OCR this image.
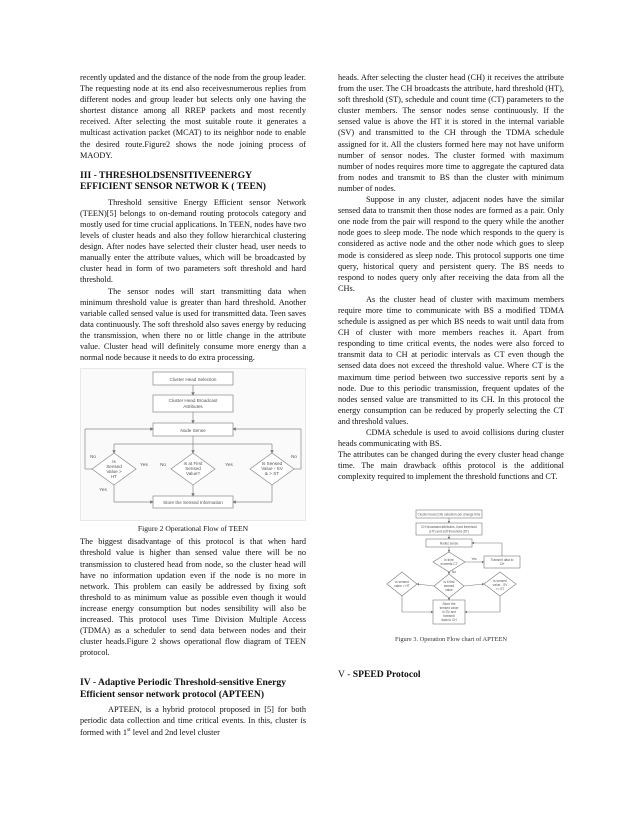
recently updated and the distance of the node from the group leader. The requesting node at its end also receivesnumerous replies from different nodes and group leader but selects only one having the shortest distance among all RREP packets and most recently received. After selecting the most suitable route it generates a multicast activation packet (MCAT) to its neighbor node to enable the desired route.Figure2 shows the node joining process of MAODY.

III - THRESHOLDSENSITIVEENERGY EFFICIENT SENSOR NETWOR K ( TEEN)

Threshold sensitive Energy Efficient sensor Network (TEEN)[5] belongs to on-demand routing protocols category and mostly used for time crucial applications. In TEEN, nodes have two levels of cluster heads and also they follow hierarchical clustering design. After nodes have selected their cluster head, user needs to manually enter the attribute values, which will be broadcasted by cluster head in form of two parameters soft threshold and hard threshold.

The sensor nodes will start transmitting data when minimum threshold value is greater than hard threshold. Another variable called sensed value is used for transmitted data. Teen saves data continuously. The soft threshold also saves energy by reducing the transmission, when there no or little change in the attribute value. Cluster head will definitely consume more energy than a normal node because it needs to do extra processing.

Cluster Head Selection
Cluster Head Broadcast
Attributes
Node Sense
Is
Sensed
Value >
HT
Is at First
Sensed
Value?
Is Sensed
Value - SV
& > ST
Store the Sensed Information
No
Yes	No	Yes
No
Yes
Figure 2 Operational Flow of TEEN

The biggest disadvantage of this protocol is that when hard threshold value is higher than sensed value there will be no transmission to clustered head from node, so the cluster head will have no information updation even if the node is no more in network. This problem can easily be addressed by fixing soft threshold to as minimum value as possible even though it would increase energy consumption but nodes sensibility will also be increased. This protocol uses Time Division Multiple Access (TDMA) as a scheduler to send data between nodes and their cluster heads.Figure 2 shows operational flow diagram of TEEN protocol.

IV - Adaptive Periodic Threshold-sensitive Energy Efficient sensor network protocol (APTEEN)

APTEEN, is a hybrid protocol proposed in [5] for both periodic data collection and time critical events. In this, cluster is formed with 1st level and 2nd level cluster

heads. After selecting the cluster head (CH) it receives the attribute from the user. The CH broadcasts the attribute, hard threshold (HT), soft threshold (ST), schedule and count time (CT) parameters to the cluster members. The sensor nodes sense continuously. If the sensed value is above the HT it is stored in the internal variable (SV) and transmitted to the CH through the TDMA schedule assigned for it. All the clusters formed here may not have uniform number of sensor nodes. The cluster formed with maximum number of nodes requires more time to aggregate the captured data from nodes and transmit to BS than the cluster with minimum number of nodes.

Suppose in any cluster, adjacent nodes have the similar sensed data to transmit then those nodes are formed as a pair. Only one node from the pair will respond to the query while the another node goes to sleep mode. The node which responds to the query is considered as active node and the other node which goes to sleep mode is considered as sleep node. This protocol supports one time query, historical query and persistent query. The BS needs to respond to nodes query only after receiving the data from all the CHs.

As the cluster head of cluster with maximum members require more time to communicate with BS a modified TDMA schedule is assigned as per which BS needs to wait until data from CH of cluster with more members reaches it. Apart from responding to time critical events, the nodes were also forced to transmit data to CH at periodic intervals as CT even though the sensed data does not exceed the threshold value. Where CT is the maximum time period between two successive reports sent by a node. Due to this periodic transmission, frequent updates of the nodes sensed value are transmitted to its CH. In this protocol the energy consumption can be reduced by properly selecting the CT and threshold values.

CDMA schedule is used to avoid collisions during cluster heads communicating with BS.

The attributes can be changed during the every cluster head change time. The main drawback ofthis protocol is the additional complexity required to implement the threshold functions and CT.

Cluster head (CH) selection per change time
CH broadcast attributes, hard threshold
(HT) and soft threshold (ST)
Nodes sense
Is time
exceeds CT
Transmit data to
CH
Is sensed
value > HT
Is it first
sensed
value
Is sensed
value - SV
>= ST
Store the
sensed value
in SV and
transmit
data to CH
Yes
No
Figure 3. Operation Flow chart of APTEEN
V - SPEED Protocol
